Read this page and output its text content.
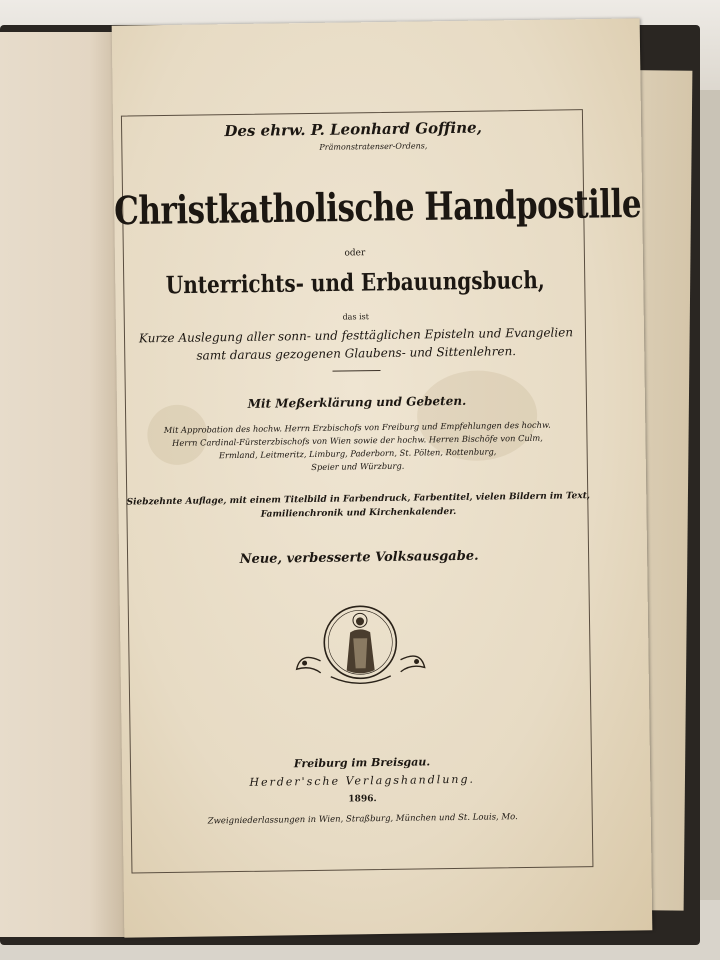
Des ehrw. P. Leonhard Goffine,
Prämonstratenser-Ordens,
Christkatholische Handpostille
oder
Unterrichts- und Erbauungsbuch,
das ist
Kurze Auslegung aller sonn- und festtäglichen Episteln und Evangelien
samt daraus gezogenen Glaubens- und Sittenlehren.
Mit Meßerklärung und Gebeten.
Mit Approbation des hochw. Herrn Erzbischofs von Freiburg und Empfehlungen des hochw.
Herrn Cardinal-Fürsterzbischofs von Wien sowie der hochw. Herren Bischöfe von Culm,
Ermland, Leitmeritz, Limburg, Paderborn, St. Pölten, Rottenburg,
Speier und Würzburg.
Siebzehnte Auflage, mit einem Titelbild in Farbendruck, Farbentitel, vielen Bildern im Text,
Familienchronik und Kirchenkalender.
Neue, verbesserte Volksausgabe.
Freiburg im Breisgau.
Herder'sche Verlagshandlung.
1896.
Zweigniederlassungen in Wien, Straßburg, München und St. Louis, Mo.
